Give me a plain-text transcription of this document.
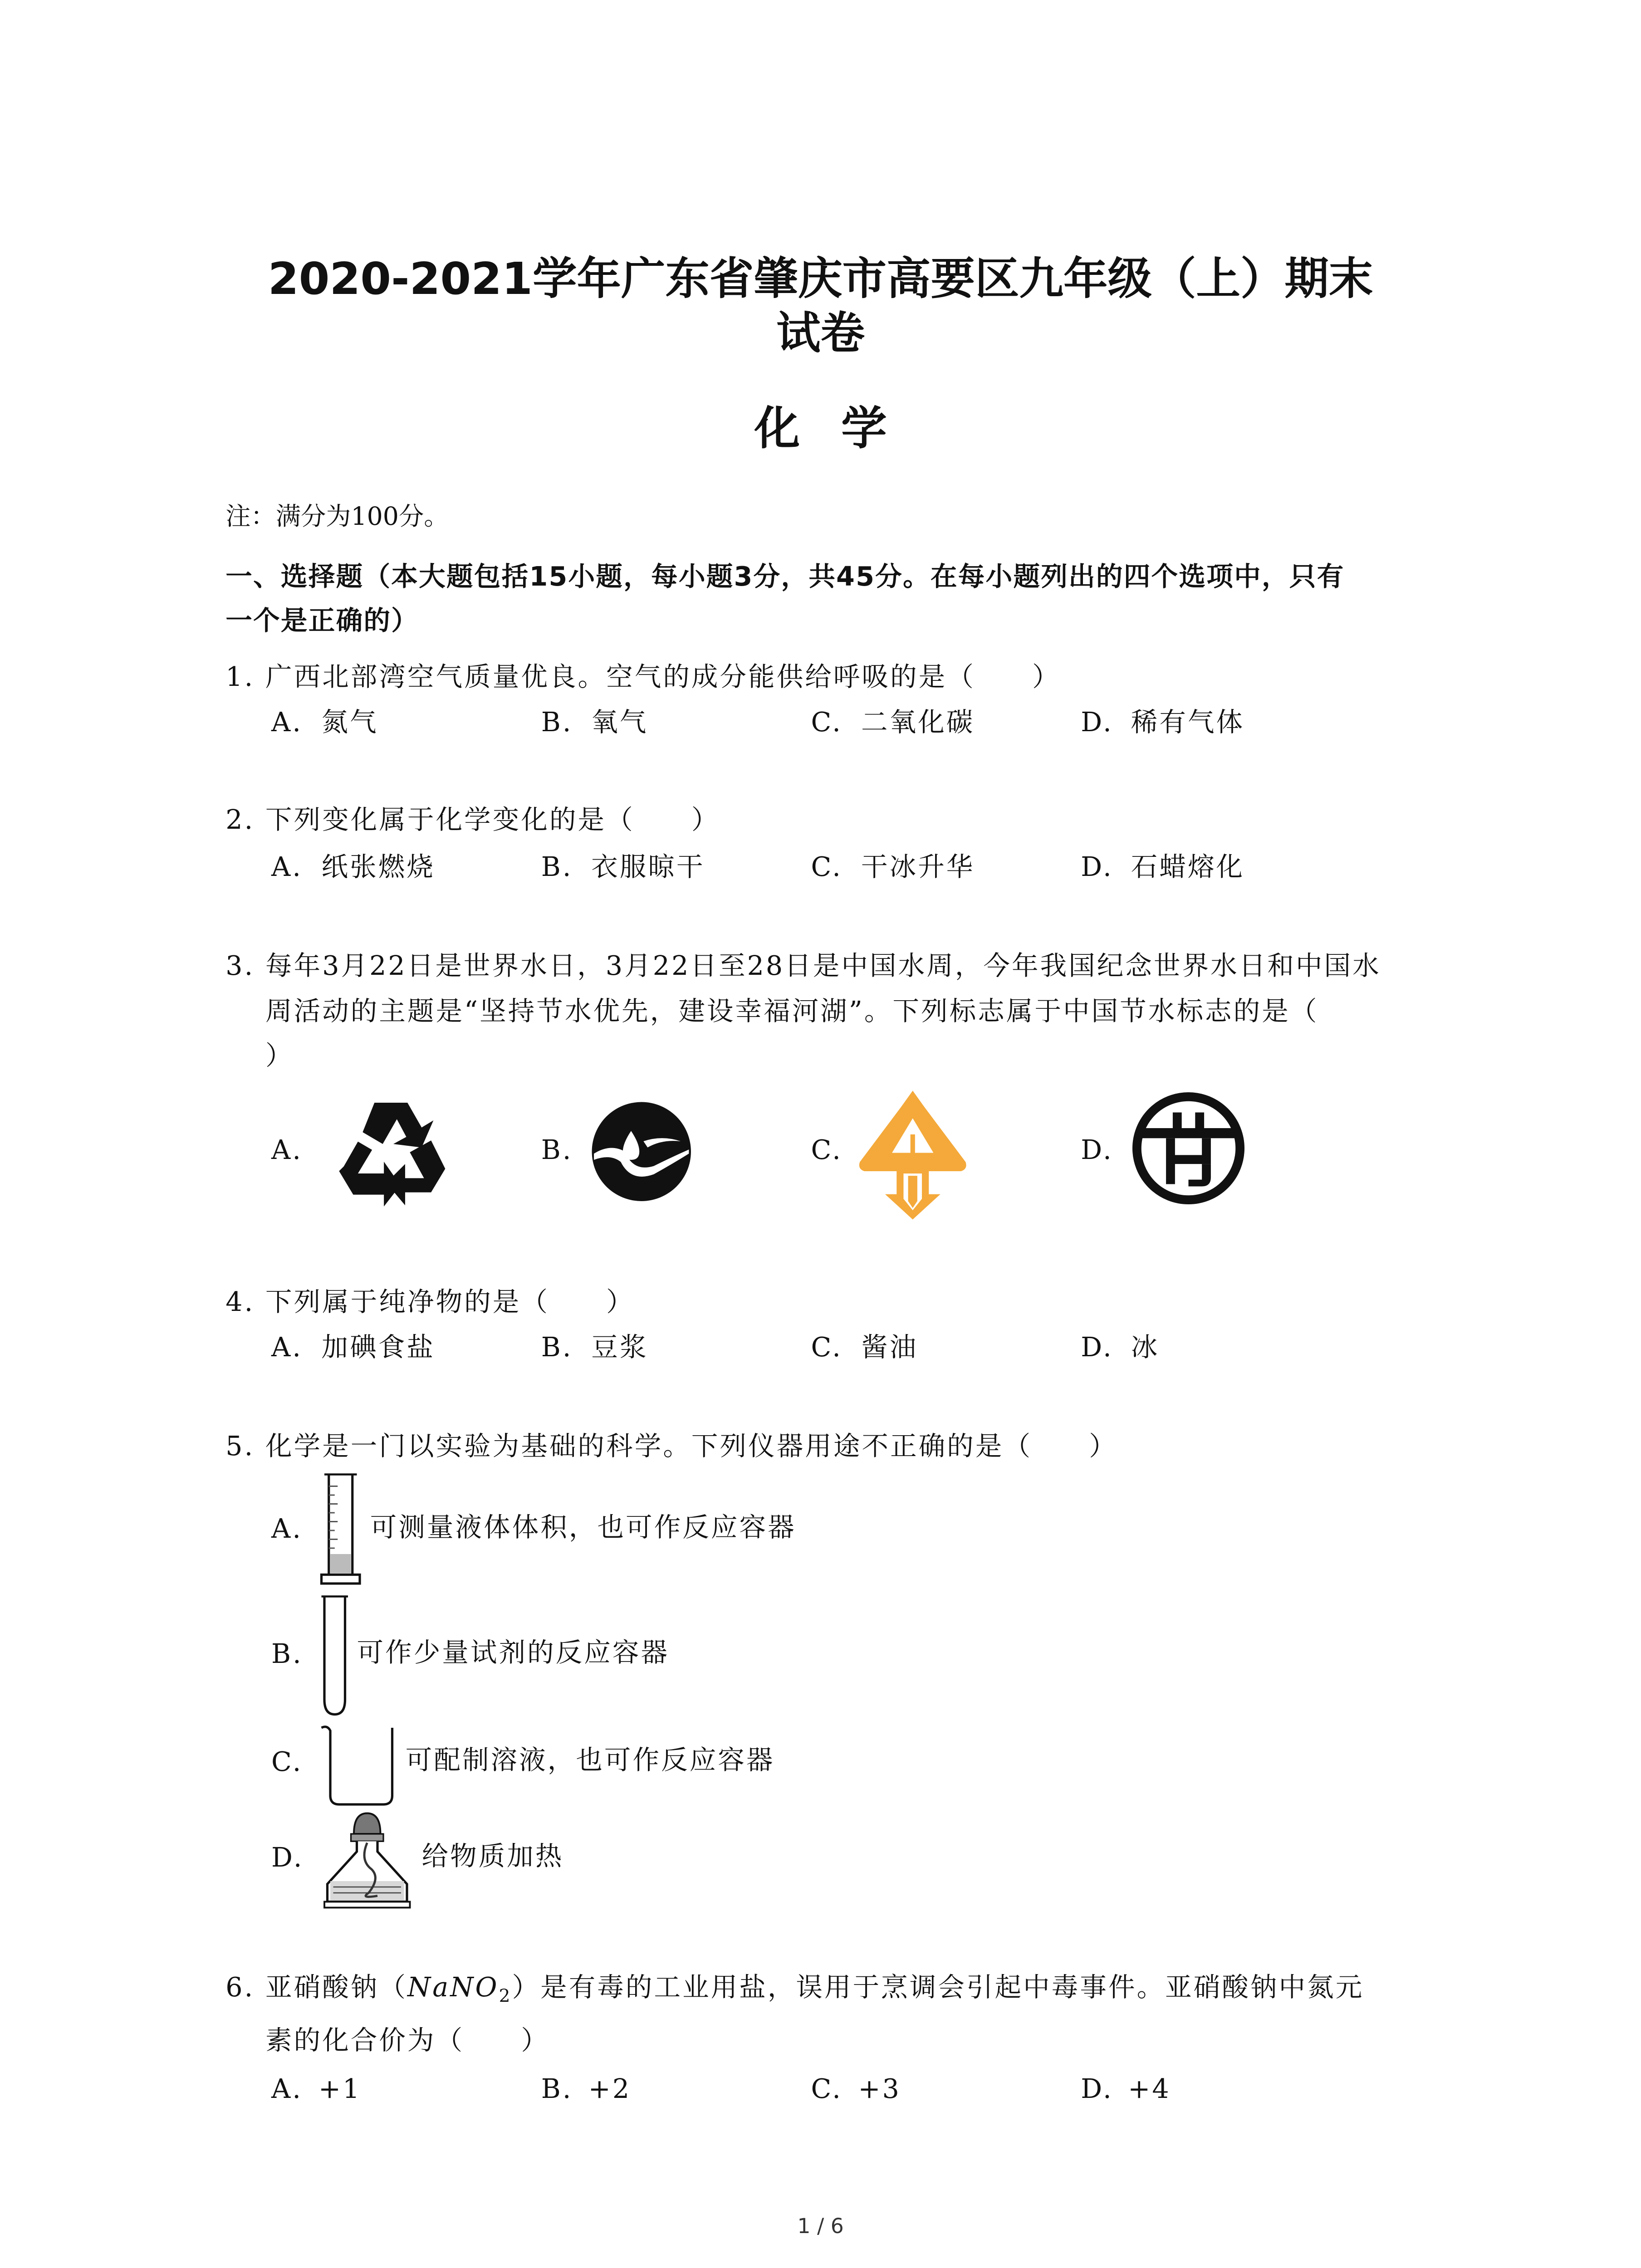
2020-2021学年广东省肇庆市高要区九年级（上）期末
试卷
化学
注：满分为100分。
一、选择题（本大题包括15小题，每小题3分，共45分。在每小题列出的四个选项中，只有
一个是正确的）
1. 广西北部湾空气质量优良。空气的成分能供给呼吸的是（　　）
A. 氮气	B. 氧气	C. 二氧化碳	D. 稀有气体
2. 下列变化属于化学变化的是（　　）
A. 纸张燃烧	B. 衣服晾干	C. 干冰升华	D. 石蜡熔化
3. 每年3月22日是世界水日，3月22日至28日是中国水周，今年我国纪念世界水日和中国水
周活动的主题是“坚持节水优先，建设幸福河湖”。下列标志属于中国节水标志的是（
）
A.	B.	C.	D.
4. 下列属于纯净物的是（　　）
A. 加碘食盐	B. 豆浆	C. 酱油	D. 冰
5. 化学是一门以实验为基础的科学。下列仪器用途不正确的是（　　）
A.	可测量液体体积，也可作反应容器
B.	可作少量试剂的反应容器
C.	可配制溶液，也可作反应容器
D.	给物质加热
6. 亚硝酸钠（NaNO$_2$）是有毒的工业用盐，误用于烹调会引起中毒事件。亚硝酸钠中氮元
素的化合价为（　　）
A. +1	B. +2	C. +3	D. +4
1 / 6
